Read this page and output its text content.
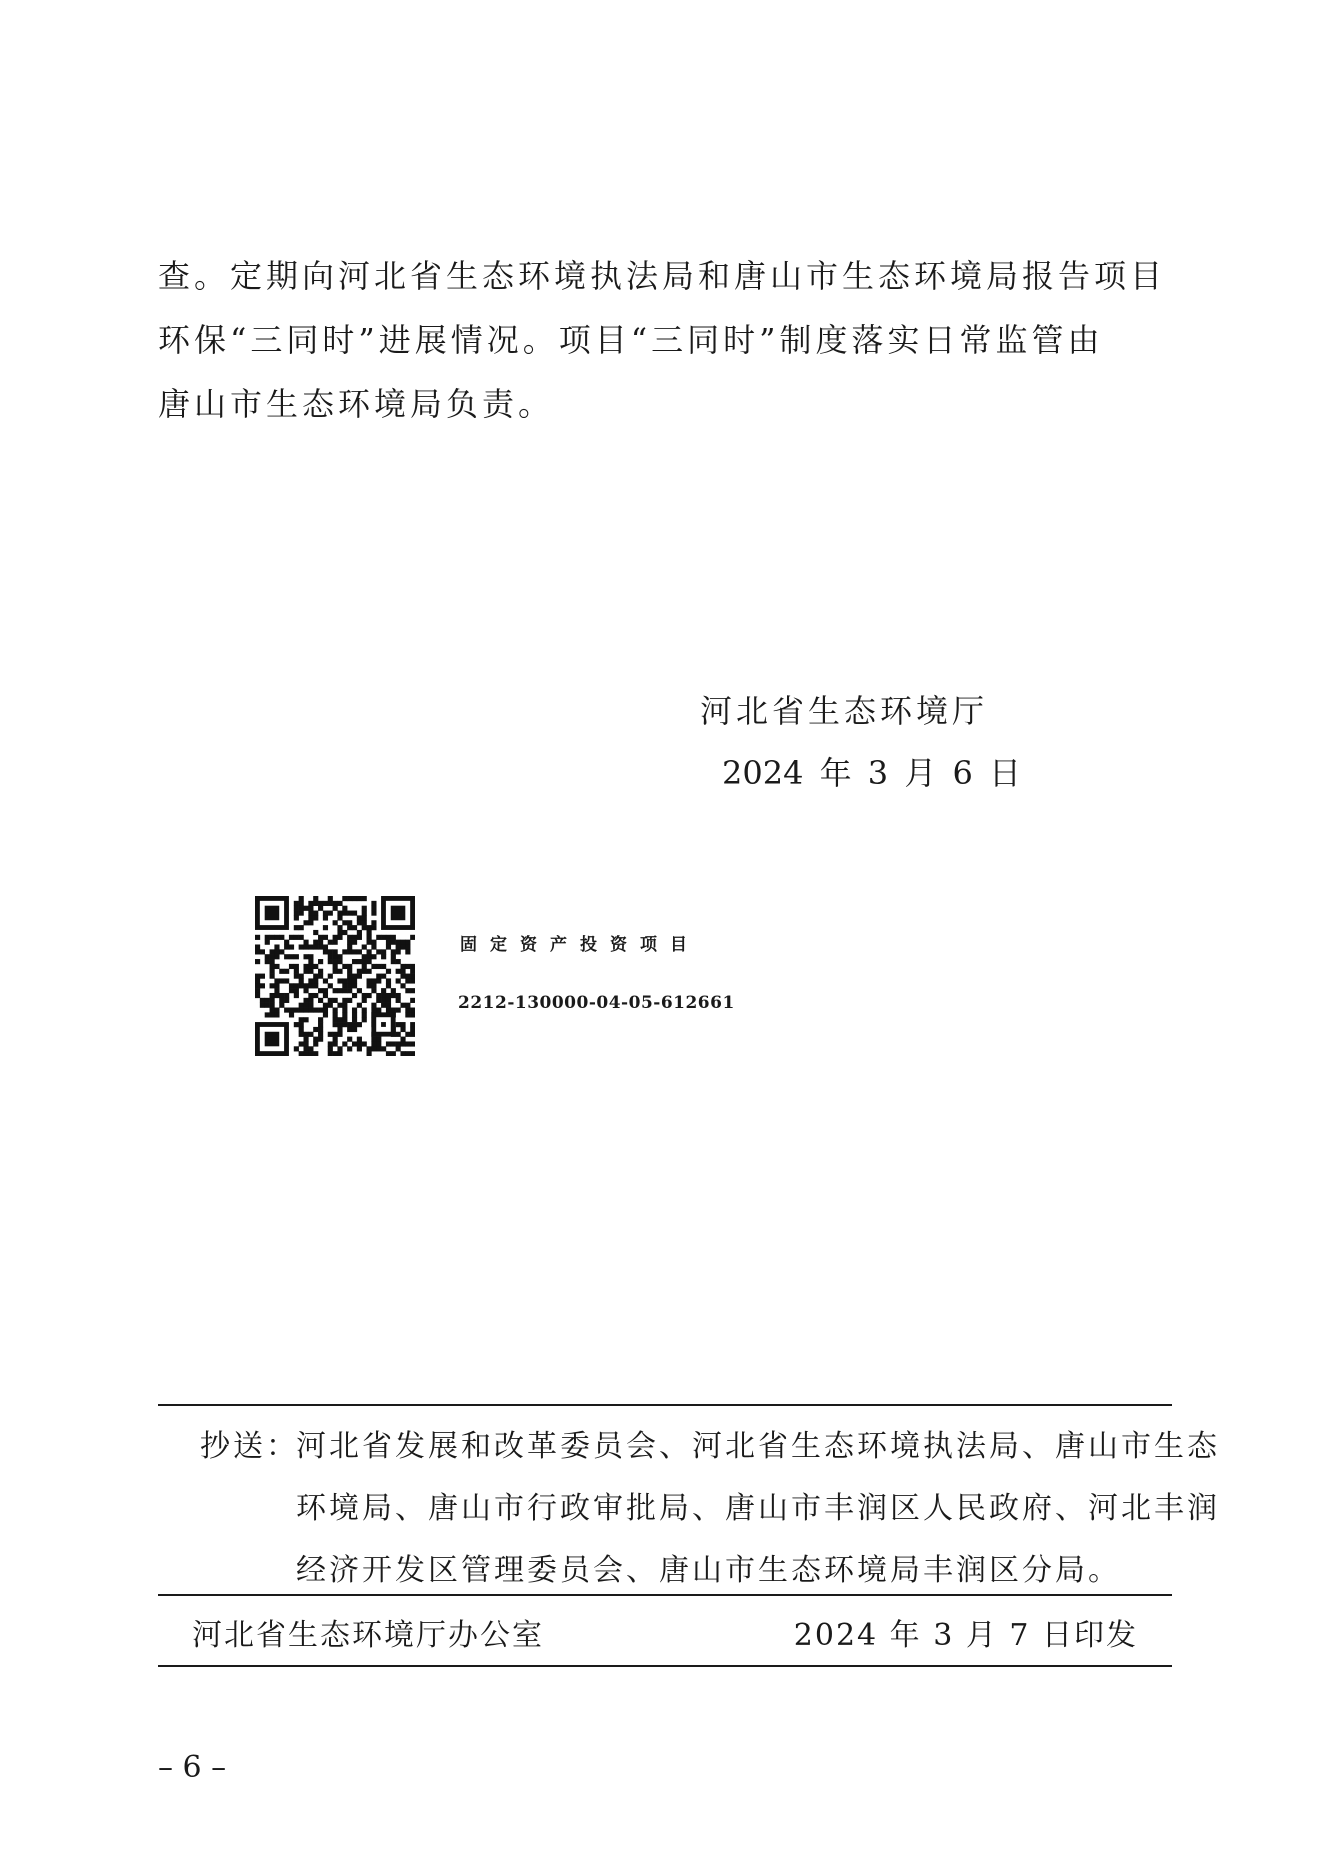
查。定期向河北省生态环境执法局和唐山市生态环境局报告项目
环保“三同时”进展情况。项目“三同时”制度落实日常监管由
唐山市生态环境局负责。
河北省生态环境厅
2024 年 3 月 6 日
固定资产投资项目
2212-130000-04-05-612661
抄送：河北省发展和改革委员会、河北省生态环境执法局、唐山市生态
环境局、唐山市行政审批局、唐山市丰润区人民政府、河北丰润
经济开发区管理委员会、唐山市生态环境局丰润区分局。
河北省生态环境厅办公室	2024 年 3 月 7 日印发
– 6 –
